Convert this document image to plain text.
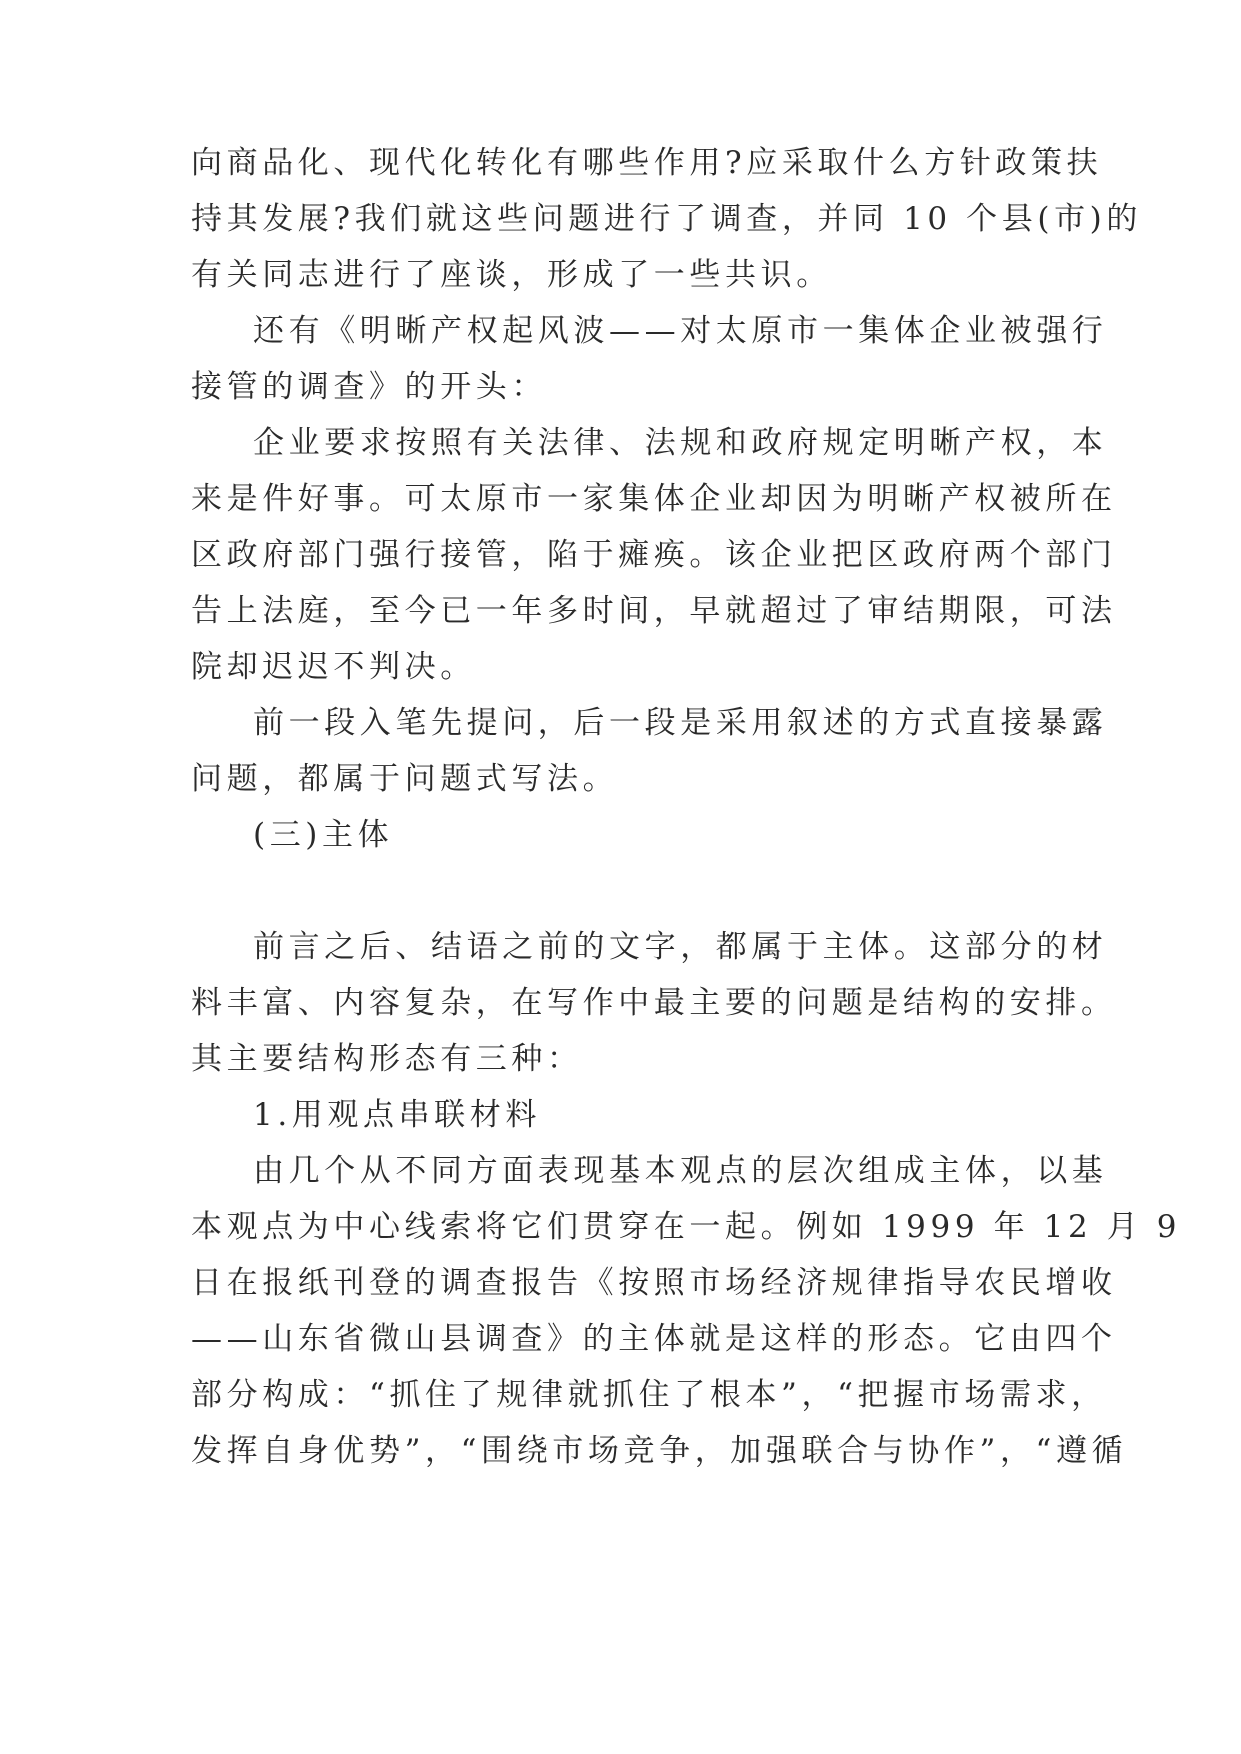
向商品化、现代化转化有哪些作用?应采取什么方针政策扶
持其发展?我们就这些问题进行了调查，并同 10 个县(市)的
有关同志进行了座谈，形成了一些共识。
还有《明晰产权起风波——对太原市一集体企业被强行
接管的调查》的开头：
企业要求按照有关法律、法规和政府规定明晰产权，本
来是件好事。可太原市一家集体企业却因为明晰产权被所在
区政府部门强行接管，陷于瘫痪。该企业把区政府两个部门
告上法庭，至今已一年多时间，早就超过了审结期限，可法
院却迟迟不判决。
前一段入笔先提问，后一段是采用叙述的方式直接暴露
问题，都属于问题式写法。
(三)主体
前言之后、结语之前的文字，都属于主体。这部分的材
料丰富、内容复杂，在写作中最主要的问题是结构的安排。
其主要结构形态有三种：
1.用观点串联材料
由几个从不同方面表现基本观点的层次组成主体，以基
本观点为中心线索将它们贯穿在一起。例如 1999 年 12 月 9
日在报纸刊登的调查报告《按照市场经济规律指导农民增收
——山东省微山县调查》的主体就是这样的形态。它由四个
部分构成：“抓住了规律就抓住了根本”，“把握市场需求，
发挥自身优势”，“围绕市场竞争，加强联合与协作”，“遵循
